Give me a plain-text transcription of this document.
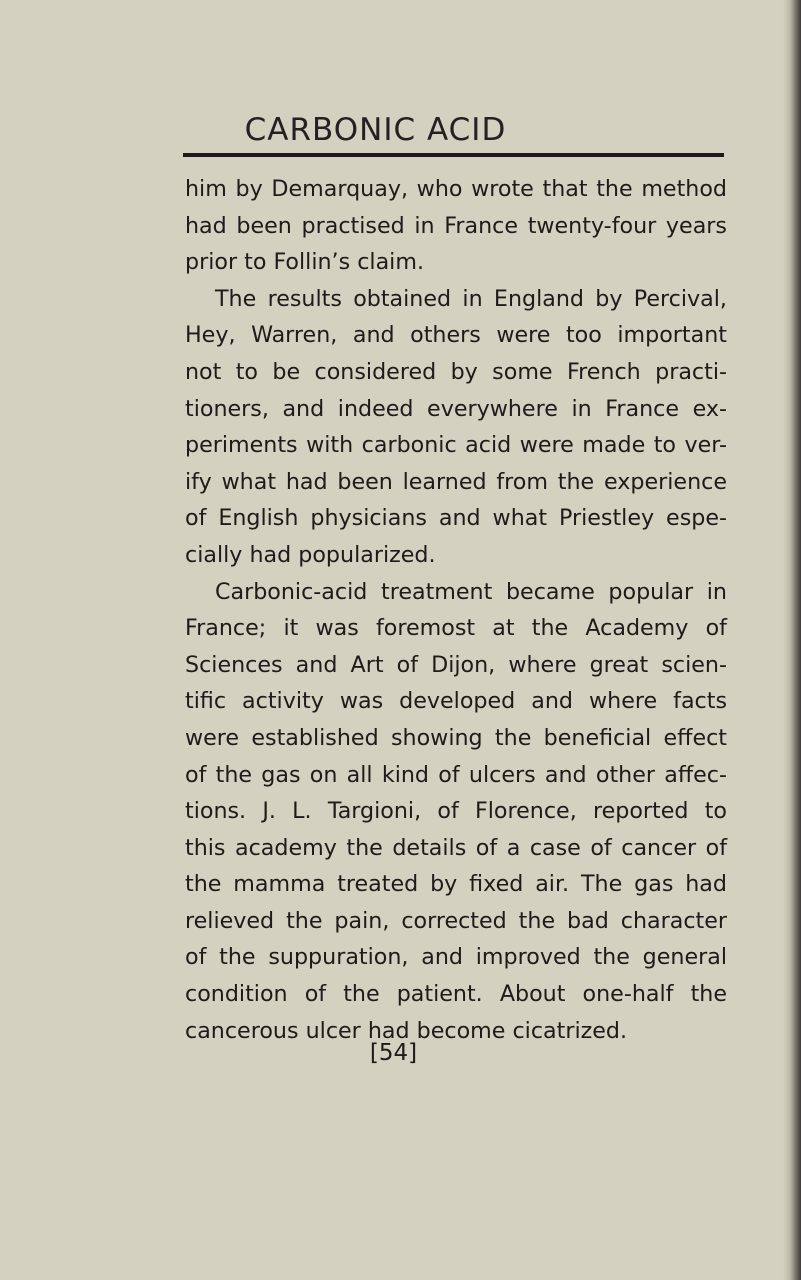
CARBONIC ACID
him by Demarquay, who wrote that the method
had been practised in France twenty-four years
prior to Follin’s claim.
The results obtained in England by Percival,
Hey, Warren, and others were too important
not to be considered by some French practi-
tioners, and indeed everywhere in France ex-
periments with carbonic acid were made to ver-
ify what had been learned from the experience
of English physicians and what Priestley espe-
cially had popularized.
Carbonic-acid treatment became popular in
France; it was foremost at the Academy of
Sciences and Art of Dijon, where great scien-
tific activity was developed and where facts
were established showing the beneficial effect
of the gas on all kind of ulcers and other affec-
tions. J. L. Targioni, of Florence, reported to
this academy the details of a case of cancer of
the mamma treated by fixed air. The gas had
relieved the pain, corrected the bad character
of the suppuration, and improved the general
condition of the patient. About one-half the
cancerous ulcer had become cicatrized.
[54]
